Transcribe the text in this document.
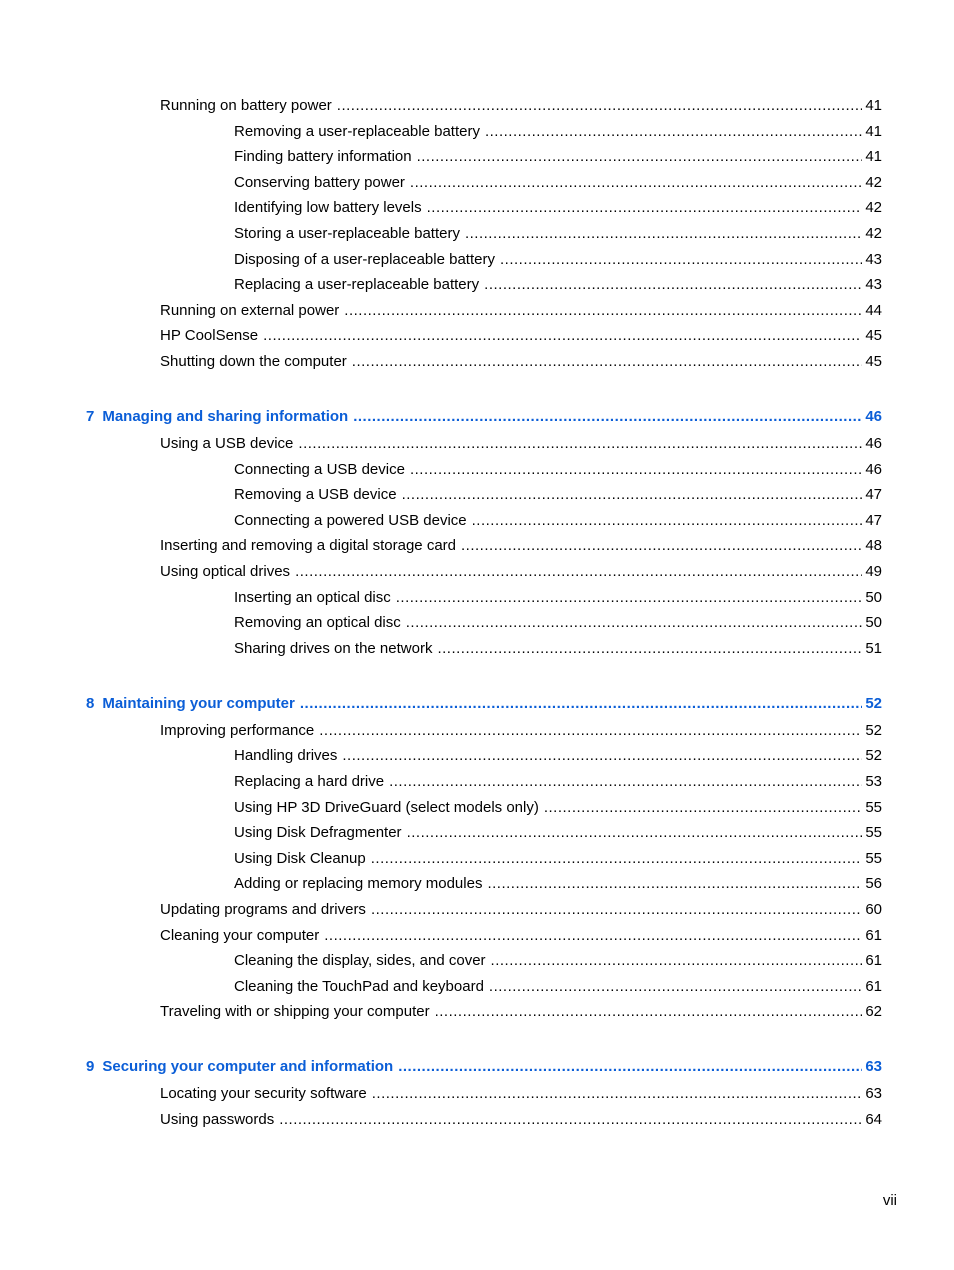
Running on battery power .....	41
Removing a user-replaceable battery .....	41
Finding battery information .....	41
Conserving battery power .....	42
Identifying low battery levels .....	42
Storing a user-replaceable battery .....	42
Disposing of a user-replaceable battery .....	43
Replacing a user-replaceable battery .....	43
Running on external power .....	44
HP CoolSense .....	45
Shutting down the computer .....	45
7 Managing and sharing information .....	46
Using a USB device .....	46
Connecting a USB device .....	46
Removing a USB device .....	47
Connecting a powered USB device .....	47
Inserting and removing a digital storage card .....	48
Using optical drives .....	49
Inserting an optical disc .....	50
Removing an optical disc .....	50
Sharing drives on the network .....	51
8 Maintaining your computer .....	52
Improving performance .....	52
Handling drives .....	52
Replacing a hard drive .....	53
Using HP 3D DriveGuard (select models only) .....	55
Using Disk Defragmenter .....	55
Using Disk Cleanup .....	55
Adding or replacing memory modules .....	56
Updating programs and drivers .....	60
Cleaning your computer .....	61
Cleaning the display, sides, and cover .....	61
Cleaning the TouchPad and keyboard .....	61
Traveling with or shipping your computer .....	62
9 Securing your computer and information .....	63
Locating your security software .....	63
Using passwords .....	64
vii
